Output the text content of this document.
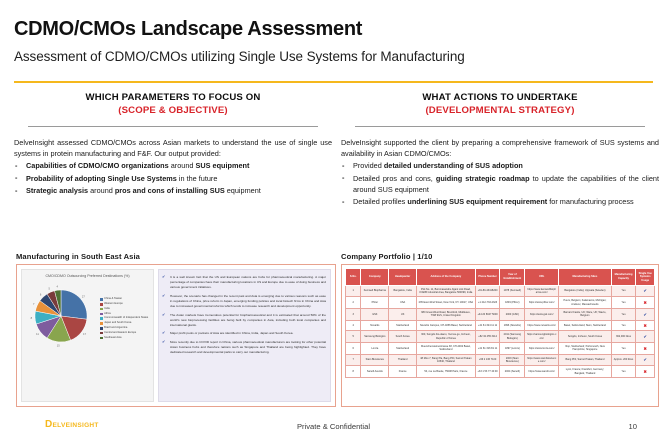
CDMO/CMOs Landscape Assessment
Assessment of CDMO/CMOs utilizing Single Use Systems for Manufacturing
WHICH PARAMETERS TO FOCUS ON
(SCOPE & OBJECTIVE)

DelveInsight assessed CDMO/CMOs across Asian markets to understand the use of single use systems in protein manufacturing and F&F. Our output provided:

- Capabilities of CDMO/CMO organizations around SUS equipment
- Probability of adopting Single Use Systems in the future
- Strategic analysis around pros and cons of installing SUS equipment
WHAT ACTIONS TO UNDERTAKE
(DEVELOPMENTAL STRATEGY)

DelveInsight supported the client by preparing a comprehensive framework of SUS systems and availability in Asian CDMO/CMOs:

- Provided detailed understanding of SUS adoption
- Detailed pros and cons, guiding strategic roadmap to update the capabilities of the client around SUS equipment
- Detailed profiles underlining SUS equipment requirement for manufacturing process
Manufacturing in South East Asia
CMO/CDMO Outsourcing Preferred Destinations (%)
27
17
15
11
8
7
6
5
4
China & Taiwan
Western Europe
India
Africa
Commonwealth of Independent States
Japan and South Korea
Brazil and Argentina
Central and Eastern Europe
Southeast Asia
✔ It is a well known fact that the US and European nations are hubs for pharmaceutical manufacturing. A major percentage of companies have their manufacturing locations in US and Europe due to ease of doing business and various government initiatives.
✔ However, the scenario has changed in the recent past and Asia is emerging due to various reasons such as ease in regulations of China, price reform in Japan, emerging funding policies and local biotech firms in China and Asia due to increased governmental reforms which tends to increase research and development opportunity.
✔ The Asian markets have tremendous potential for biopharmaceutical and it is estimated that around 50% of the world's new bioprocessing facilities are being built by companies in Asia, including both local companies and international giants.
✔ Major profit pools or pockets of Asia are identified in China, India, Japan and South Korea.
✔ More recently due to COVID report in China, various pharmaceutical manufacturers are looking for other potential Asian business hubs and therefore nations such as Singapore and Thailand are being highlighted. They have dedicated research and developmental parks to carry out manufacturing.
Company Portfolio | 1/10
S.No.	Company	Headquarter	Address of the Company	Phone Number	Year of Establishment	URL	Manufacturing Sites	Manufacturing Capacity	Single Use Systems Usage
1	Kemwell Biopharma	Bangalore, India	Plot No. 11, Bommasandra Jigani Link Road, KIADB Industrial Area, Bangalore 560099, India	+91-80-43418200	1978 (Kemwell)	https://www.kemwellbiopharma.com/	Bangalore (India); Uppsala (Sweden)	Yes	✔
2	Pfizer	USA	235 East 42nd Street, New York, NY 10017, USA	+1 212-733-2323	1849 (Pfizer)	https://www.pfizer.com/	Puurs, Belgium; Kalamazoo, Michigan; Andover, Massachusetts	Yes	✖
3	GSK	UK	980 Great West Road, Brentford, Middlesex, TW8 9GS, United Kingdom	+44 20 8047 5000	2000 (GSK)	https://www.gsk.com/	Barnard Castle, UK; Ware, UK; Wavre, Belgium	Yes	✔
4	Novartis	Switzerland	Novartis Campus, CH-4056 Basel, Switzerland	+41 61 324 11 11	1996 (Novartis)	https://www.novartis.com/	Basel, Switzerland; Stein, Switzerland	Yes	✖
5	Samsung Biologics	South Korea	300, Songdo bio-daero, Yeonsu-gu, Incheon, Republic of Korea	+82 32 455 3114	2011 (Samsung Biologics)	https://samsungbiologics.com/	Songdo, Incheon, South Korea	362,000 litres	✔
6	Lonza	Switzerland	Muenchensteinerstrasse 38, CH-4002 Basel, Switzerland	+41 61 316 81 11	1897 (Lonza)	https://www.lonza.com/	Visp, Switzerland; Portsmouth, New Hampshire; Singapore	Yes	✖
7	Siam Bioscience	Thailand	48 Moo 7, Bang Pla, Bang Phli, Samut Prakan 10540, Thailand	+66 2 136 7100	2009 (Siam Bioscience)	https://www.siambioscience.com/	Bang Phli, Samut Prakan, Thailand	Approx. 200 litres	✔
8	Sanofi Aventis	France	54, rue La Boetie, 75008 Paris, France	+33 1 53 77 40 00	2004 (Sanofi)	https://www.sanofi.com/	Lyon, France; Frankfurt, Germany; Bangkok, Thailand	Yes	✖
DELVEINSIGHT	Private & Confidential	10
